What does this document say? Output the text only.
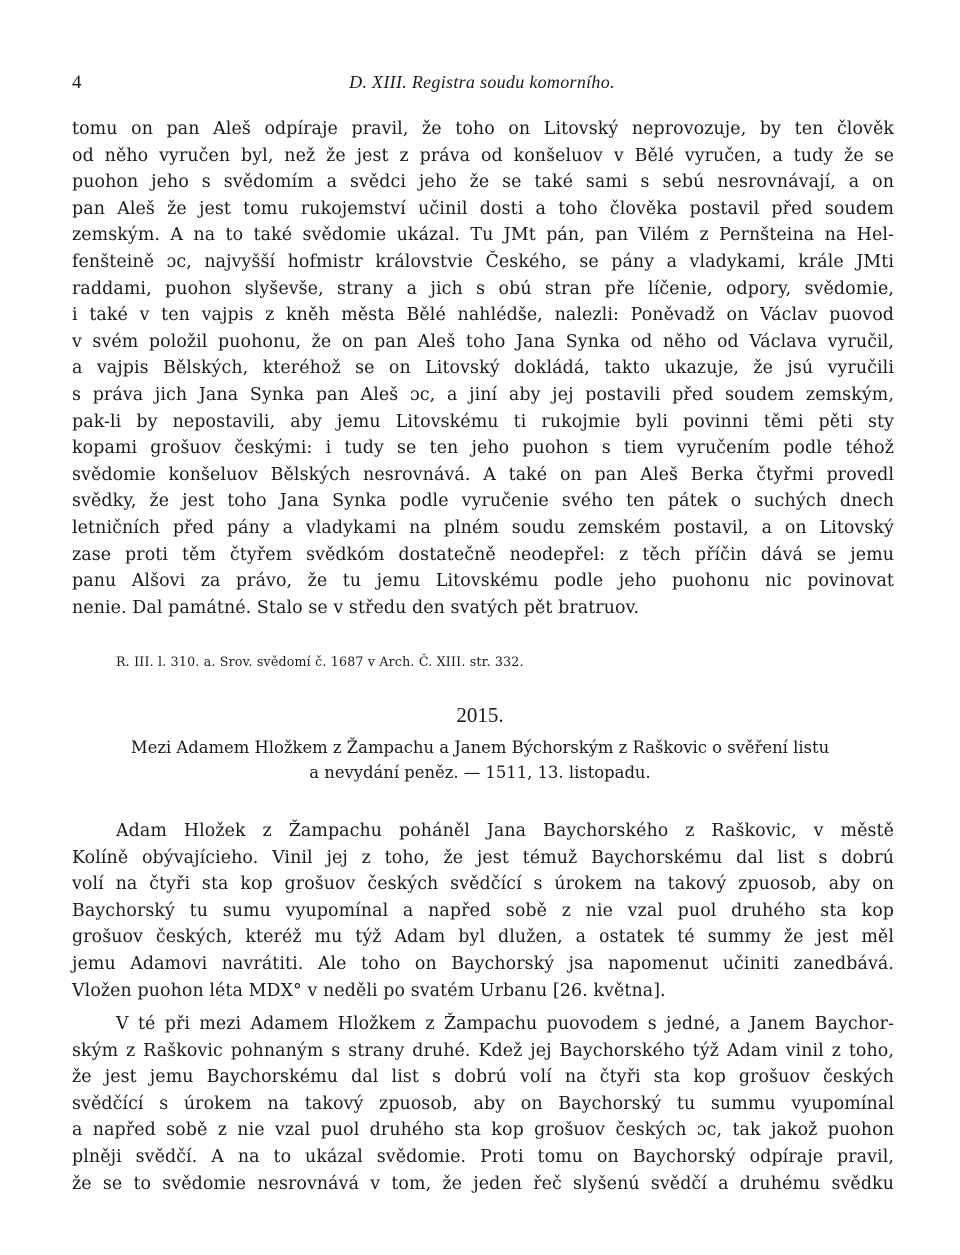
4	D. XIII. Registra soudu komorního.
tomu on pan Aleš odpíraje pravil, že toho on Litovský neprovozuje, by ten člověk
od něho vyručen byl, než že jest z práva od konšeluov v Bělé vyručen, a tudy že se
puohon jeho s svědomím a svědci jeho že se také sami s sebú nesrovnávají, a on
pan Aleš že jest tomu rukojemství učinil dosti a toho člověka postavil před soudem
zemským. A na to také svědomie ukázal. Tu JMt pán, pan Vilém z Pernšteina na Hel-
fenšteině ɔc, najvyšší hofmistr královstvie Českého, se pány a vladykami, krále JMti
raddami, puohon slyševše, strany a jich s obú stran pře líčenie, odpory, svědomie,
i také v ten vajpis z kněh města Bělé nahlédše, nalezli: Poněvadž on Václav puovod
v svém položil puohonu, že on pan Aleš toho Jana Synka od něho od Václava vyručil,
a vajpis Bělských, kteréhož se on Litovský dokládá, takto ukazuje, že jsú vyručili
s práva jich Jana Synka pan Aleš ɔc, a jiní aby jej postavili před soudem zemským,
pak-li by nepostavili, aby jemu Litovskému ti rukojmie byli povinni těmi pěti sty
kopami grošuov českými: i tudy se ten jeho puohon s tiem vyručením podle téhož
svědomie konšeluov Bělských nesrovnává. A také on pan Aleš Berka čtyřmi provedl
svědky, že jest toho Jana Synka podle vyručenie svého ten pátek o suchých dnech
letničních před pány a vladykami na plném soudu zemském postavil, a on Litovský
zase proti těm čtyřem svědkóm dostatečně neodepřel: z těch příčin dává se jemu
panu Alšovi za právo, že tu jemu Litovskému podle jeho puohonu nic povinovat
nenie. Dal památné. Stalo se v středu den svatých pět bratruov.
R. III. l. 310. a. Srov. svědomí č. 1687 v Arch. Č. XIII. str. 332.
2015.
Mezi Adamem Hložkem z Žampachu a Janem Býchorským z Raškovic o svěření listu
a nevydání peněz. — 1511, 13. listopadu.
Adam Hložek z Žampachu poháněl Jana Baychorského z Raškovic, v městě
Kolíně obývajícieho. Vinil jej z toho, že jest témuž Baychorskému dal list s dobrú
volí na čtyři sta kop grošuov českých svědčící s úrokem na takový zpuosob, aby on
Baychorský tu sumu vyupomínal a napřed sobě z nie vzal puol druhého sta kop
grošuov českých, kteréž mu týž Adam byl dlužen, a ostatek té summy že jest měl
jemu Adamovi navrátiti. Ale toho on Baychorský jsa napomenut učiniti zanedbává.
Vložen puohon léta MDX° v neděli po svatém Urbanu [26. května].
V té při mezi Adamem Hložkem z Žampachu puovodem s jedné, a Janem Baychor-
ským z Raškovic pohnaným s strany druhé. Kdež jej Baychorského týž Adam vinil z toho,
že jest jemu Baychorskému dal list s dobrú volí na čtyři sta kop grošuov českých
svědčící s úrokem na takový zpuosob, aby on Baychorský tu summu vyupomínal
a napřed sobě z nie vzal puol druhého sta kop grošuov českých ɔc, tak jakož puohon
plněji svědčí. A na to ukázal svědomie. Proti tomu on Baychorský odpíraje pravil,
že se to svědomie nesrovnává v tom, že jeden řeč slyšenú svědčí a druhému svědku
